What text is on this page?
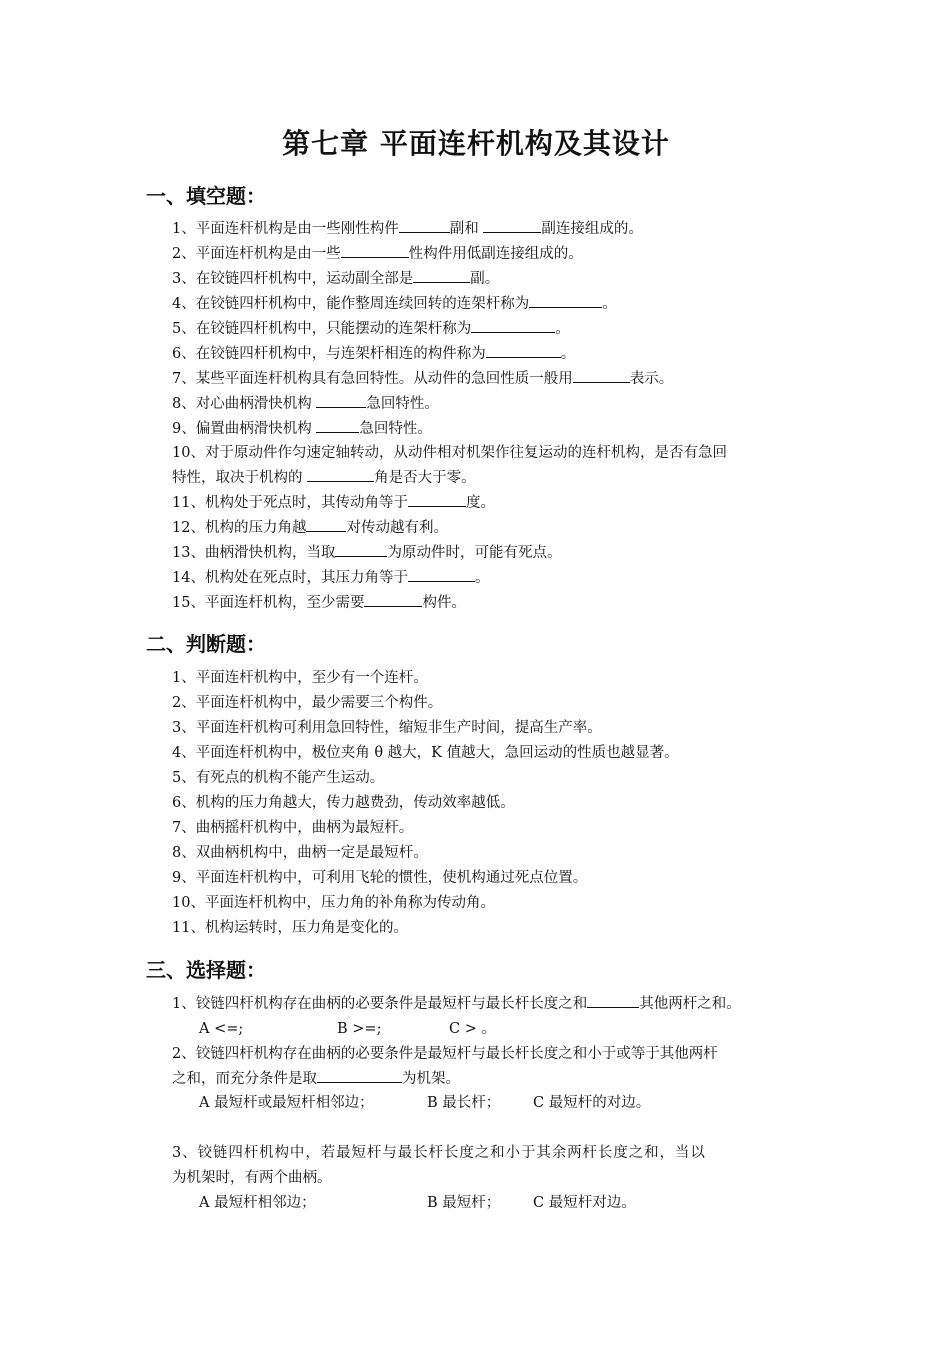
第七章 平面连杆机构及其设计
一、填空题：
1、平面连杆机构是由一些刚性构件	副和	副连接组成的。
2、平面连杆机构是由一些	性构件用低副连接组成的。
3、在铰链四杆机构中，运动副全部是	副。
4、在铰链四杆机构中，能作整周连续回转的连架杆称为	。
5、在铰链四杆机构中，只能摆动的连架杆称为	。
6、在铰链四杆机构中，与连架杆相连的构件称为	。
7、某些平面连杆机构具有急回特性。从动件的急回性质一般用	表示。
8、对心曲柄滑快机构	急回特性。
9、偏置曲柄滑快机构	急回特性。
10、对于原动件作匀速定轴转动，从动件相对机架作往复运动的连杆机构，是否有急回
特性，取决于机构的	角是否大于零。
11、机构处于死点时，其传动角等于	度。
12、机构的压力角越	对传动越有利。
13、曲柄滑快机构，当取	为原动件时，可能有死点。
14、机构处在死点时，其压力角等于	。
15、平面连杆机构，至少需要	构件。
二、判断题：
1、平面连杆机构中，至少有一个连杆。
2、平面连杆机构中，最少需要三个构件。
3、平面连杆机构可利用急回特性，缩短非生产时间，提高生产率。
4、平面连杆机构中，极位夹角 θ 越大，K 值越大，急回运动的性质也越显著。
5、有死点的机构不能产生运动。
6、机构的压力角越大，传力越费劲，传动效率越低。
7、曲柄摇杆机构中，曲柄为最短杆。
8、双曲柄机构中，曲柄一定是最短杆。
9、平面连杆机构中，可利用飞轮的惯性，使机构通过死点位置。
10、平面连杆机构中，压力角的补角称为传动角。
11、机构运转时，压力角是变化的。
三、选择题：
1、铰链四杆机构存在曲柄的必要条件是最短杆与最长杆长度之和	其他两杆之和。
A <=;	B >=;	C > 。
2、铰链四杆机构存在曲柄的必要条件是最短杆与最长杆长度之和小于或等于其他两杆
之和，而充分条件是取	为机架。
A 最短杆或最短杆相邻边；	B 最长杆； C 最短杆的对边。
3、铰链四杆机构中，若最短杆与最长杆长度之和小于其余两杆长度之和，当以
为机架时，有两个曲柄。
A 最短杆相邻边；	B 最短杆； C 最短杆对边。
